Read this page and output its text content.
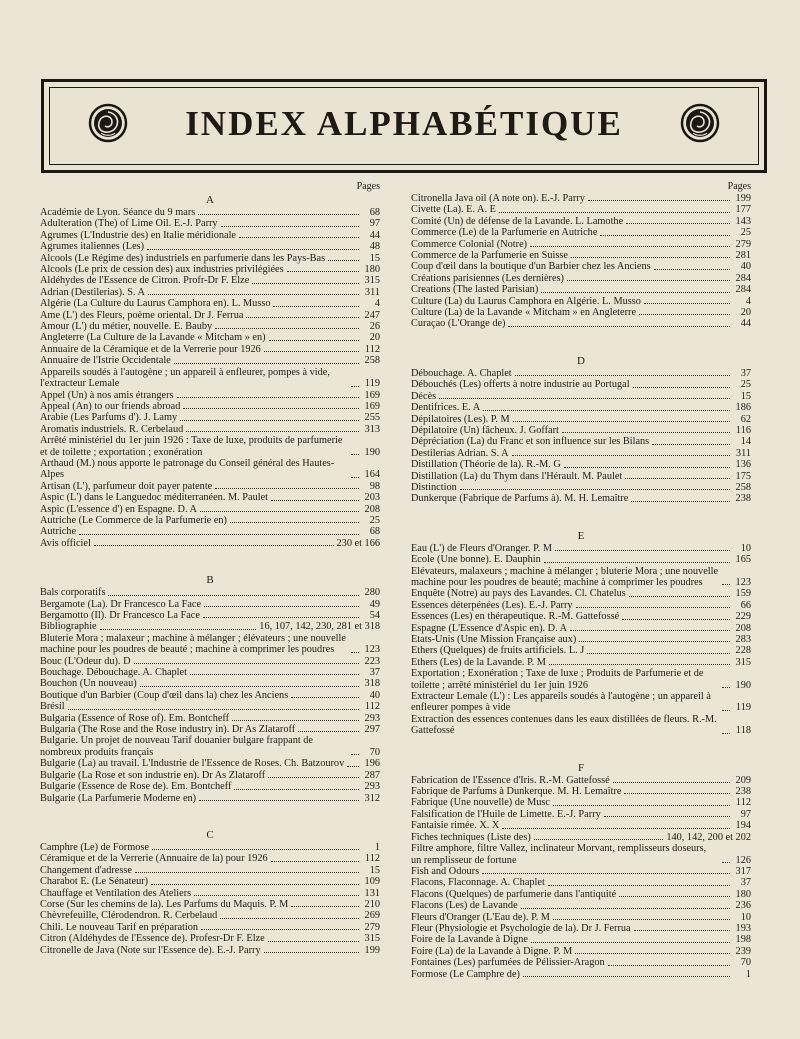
INDEX ALPHABÉTIQUE
Pages
A
Académie de Lyon. Séance du 9 mars	68
Adulteration (The) of Lime Oil. E.-J. Parry	97
Agrumes (L'Industrie des) en Italie méridionale	44
Agrumes italiennes (Les)	48
Alcools (Le Régime des) industriels en parfumerie dans les Pays-Bas	15
Alcools (Le prix de cession des) aux industries privilégiées	180
Aldéhydes de l'Essence de Citron. Profr-Dr F. Elze	315
Adrian (Destilerias). S. A	311
Algérie (La Culture du Laurus Camphora en). L. Musso	4
Ame (L') des Fleurs, poème oriental. Dr J. Ferrua	247
Amour (L') du métier, nouvelle. E. Bauby	26
Angleterre (La Culture de la Lavande « Mitcham » en)	20
Annuaire de la Céramique et de la Verrerie pour 1926	112
Annuaire de l'Istrie Occidentale	258
Appareils soudés à l'autogène ; un appareil à enfleurer, pompes à vide, l'extracteur Lemale	119
Appel (Un) à nos amis étrangers	169
Appeal (An) to our friends abroad	169
Arabie (Les Parfums d'). J. Lamy	255
Aromatis industriels. R. Cerbelaud	313
Arrêté ministériel du 1er juin 1926 : Taxe de luxe, produits de parfumerie et de toilette ; exportation ; exonération	190
Arthaud (M.) nous apporte le patronage du Conseil général des Hautes-Alpes	164
Artisan (L'), parfumeur doit payer patente	98
Aspic (L') dans le Languedoc méditerranéen. M. Paulet	203
Aspic (L'essence d') en Espagne. D. A	208
Autriche (Le Commerce de la Parfumerie en)	25
Autriche	68
Avis officiel	230 et 166
B
Bals corporatifs	280
Bergamote (La). Dr Francesco La Face	49
Bergamotto (Il). Dr Francesco La Face	54
Bibliographie	16, 107, 142, 230, 281 et 318
Bluterie Mora ; malaxeur ; machine à mélanger ; élévateurs ; une nouvelle machine pour les poudres de beauté ; machine à comprimer les poudres	123
Bouc (L'Odeur du). D	223
Bouchage. Débouchage. A. Chaplet	37
Bouchon (Un nouveau)	318
Boutique d'un Barbier (Coup d'œil dans la) chez les Anciens	40
Brésil	112
Bulgaria (Essence of Rose of). Em. Bontcheff	293
Bulgaria (The Rose and the Rose industry in). Dr As Zlataroff	297
Bulgarie. Un projet de nouveau Tarif douanier bulgare frappant de nombreux produits français	70
Bulgarie (La) au travail. L'Industrie de l'Essence de Roses. Ch. Batzourov 196
Bulgarie (La Rose et son industrie en). Dr As Zlataroff	287
Bulgarie (Essence de Rose de). Em. Bontcheff	293
Bulgarie (La Parfumerie Moderne en)	312
C
Camphre (Le) de Formose	1
Céramique et de la Verrerie (Annuaire de la) pour 1926	112
Changement d'adresse	15
Charabot E. (Le Sénateur)	109
Chauffage et Ventilation des Ateliers	131
Corse (Sur les chemins de la). Les Parfums du Maquis. P. M	210
Chèvrefeuille, Clérodendron. R. Cerbelaud	269
Chili. Le nouveau Tarif en préparation	279
Citron (Aldéhydes de l'Essence de). Profesr-Dr F. Elze	315
Citronelle de Java (Note sur l'Essence de). E.-J. Parry	199
Pages
Citronella Java oil (A note on). E.-J. Parry	199
Civette (La). E. A. E	177
Comité (Un) de défense de la Lavande. L. Lamothe	143
Commerce (Le) de la Parfumerie en Autriche	25
Commerce Colonial (Notre)	279
Commerce de la Parfumerie en Suisse	281
Coup d'œil dans la boutique d'un Barbier chez les Anciens	40
Créations parisiennes (Les dernières)	284
Creations (The lasted Parisian)	284
Culture (La) du Laurus Camphora en Algérie. L. Musso	4
Culture (La) de la Lavande « Mitcham » en Angleterre	20
Curaçao (L'Orange de)	44
D
Débouchage. A. Chaplet	37
Débouchés (Les) offerts à notre industrie au Portugal	25
Décès	15
Dentifrices. E. A	186
Dépilatoires (Les). P. M	62
Dépilatoire (Un) fâcheux. J. Goffart	116
Dépréciation (La) du Franc et son influence sur les Bilans	14
Destilerias Adrian. S. A	311
Distillation (Théorie de la). R.-M. G	136
Distillation (La) du Thym dans l'Hérault. M. Paulet	175
Distinction	258
Dunkerque (Fabrique de Parfums à). M. H. Lemaître	238
E
Eau (L') de Fleurs d'Oranger. P. M	10
Ecole (Une bonne). E. Dauphin	165
Elévateurs, malaxeurs ; machine à mélanger ; bluterie Mora ; une nouvelle machine pour les poudres de beauté; machine à comprimer les poudres	123
Enquête (Notre) au pays des Lavandes. Cl. Chatelus	159
Essences déterpénées (Les). E.-J. Parry	66
Essences (Les) en thérapeutique. R.-M. Gattefossé	229
Espagne (L'Essence d'Aspic en). D. A	208
Etats-Unis (Une Mission Française aux)	283
Ethers (Quelques) de fruits artificiels. L. J	228
Ethers (Les) de la Lavande. P. M	315
Exportation ; Exonération ; Taxe de luxe ; Produits de Parfumerie et de toilette ; arrêté ministériel du 1er juin 1926	190
Extracteur Lemale (L') : Les appareils soudés à l'autogène ; un appareil à enfleurer pompes à vide	119
Extraction des essences contenues dans les eaux distillées de fleurs. R.-M. Gattefossé	118
F
Fabrication de l'Essence d'Iris. R.-M. Gattefossé	209
Fabrique de Parfums à Dunkerque. M. H. Lemaître	238
Fabrique (Une nouvelle) de Musc	112
Falsification de l'Huile de Limette. E.-J. Parry	97
Fantaisie rimée. X. X	194
Fiches techniques (Liste des)	140, 142, 200 et 202
Filtre amphore, filtre Vallez, inclinateur Morvant, remplisseurs doseurs, un remplisseur de fortune	126
Fish and Odours	317
Flacons, Flaconnage. A. Chaplet	37
Flacons (Quelques) de parfumerie dans l'antiquité	180
Flacons (Les) de Lavande	236
Fleurs d'Oranger (L'Eau de). P. M	10
Fleur (Physiologie et Psychologie de la). Dr J. Ferrua	193
Foire de la Lavande à Digne	198
Foire (La) de la Lavande à Digne. P. M	239
Fontaines (Les) parfumées de Pélissier-Aragon	70
Formose (Le Camphre de)	1
